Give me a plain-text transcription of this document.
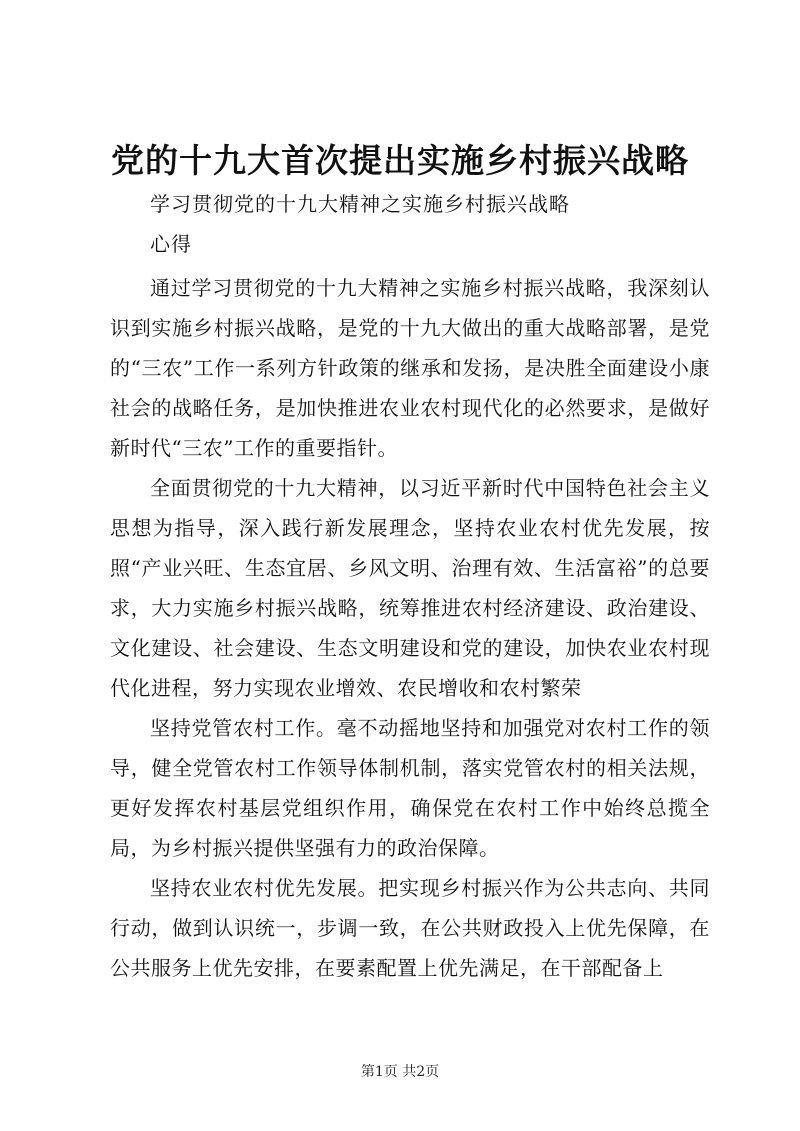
党的十九大首次提出实施乡村振兴战略
学习贯彻党的十九大精神之实施乡村振兴战略
心得

通过学习贯彻党的十九大精神之实施乡村振兴战略，我深刻认识到实施乡村振兴战略，是党的十九大做出的重大战略部署，是党的“三农”工作一系列方针政策的继承和发扬，是决胜全面建设小康社会的战略任务，是加快推进农业农村现代化的必然要求，是做好新时代“三农”工作的重要指针。

全面贯彻党的十九大精神，以习近平新时代中国特色社会主义思想为指导，深入践行新发展理念，坚持农业农村优先发展，按照“产业兴旺、生态宜居、乡风文明、治理有效、生活富裕”的总要求，大力实施乡村振兴战略，统筹推进农村经济建设、政治建设、文化建设、社会建设、生态文明建设和党的建设，加快农业农村现代化进程，努力实现农业增效、农民增收和农村繁荣

坚持党管农村工作。毫不动摇地坚持和加强党对农村工作的领导，健全党管农村工作领导体制机制，落实党管农村的相关法规，更好发挥农村基层党组织作用，确保党在农村工作中始终总揽全局，为乡村振兴提供坚强有力的政治保障。

坚持农业农村优先发展。把实现乡村振兴作为公共志向、共同行动，做到认识统一，步调一致，在公共财政投入上优先保障，在公共服务上优先安排，在要素配置上优先满足，在干部配备上

第1页 共2页
